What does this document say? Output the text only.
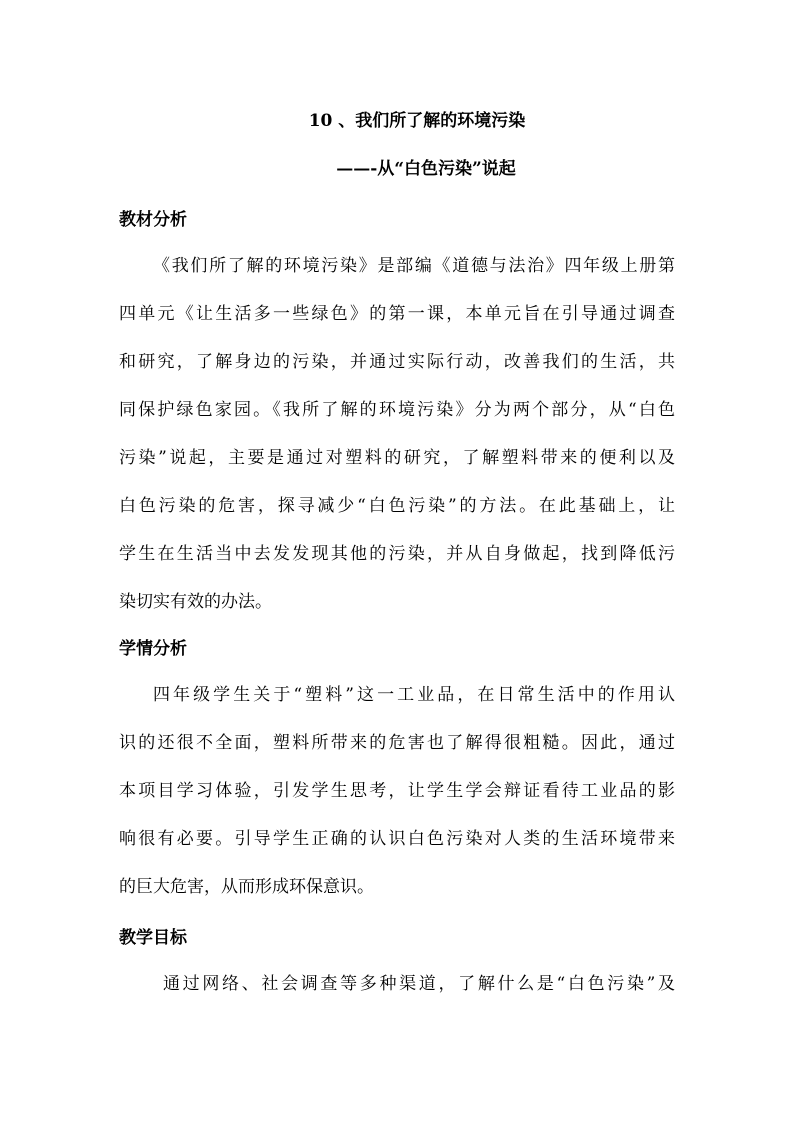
10 、我们所了解的环境污染
——-从“白色污染”说起
教材分析
《我们所了解的环境污染》是部编《道德与法治》四年级上册第
四单元《让生活多一些绿色》的第一课，本单元旨在引导通过调查
和研究，了解身边的污染，并通过实际行动，改善我们的生活，共
同保护绿色家园。《我所了解的环境污染》分为两个部分，从“白色
污染”说起，主要是通过对塑料的研究，了解塑料带来的便利以及
白色污染的危害，探寻减少“白色污染”的方法。在此基础上，让
学生在生活当中去发发现其他的污染，并从自身做起，找到降低污
染切实有效的办法。
学情分析
四年级学生关于“塑料”这一工业品，在日常生活中的作用认
识的还很不全面，塑料所带来的危害也了解得很粗糙。因此，通过
本项目学习体验，引发学生思考，让学生学会辩证看待工业品的影
响很有必要。引导学生正确的认识白色污染对人类的生活环境带来
的巨大危害，从而形成环保意识。
教学目标
通过网络、社会调查等多种渠道，了解什么是“白色污染”及
